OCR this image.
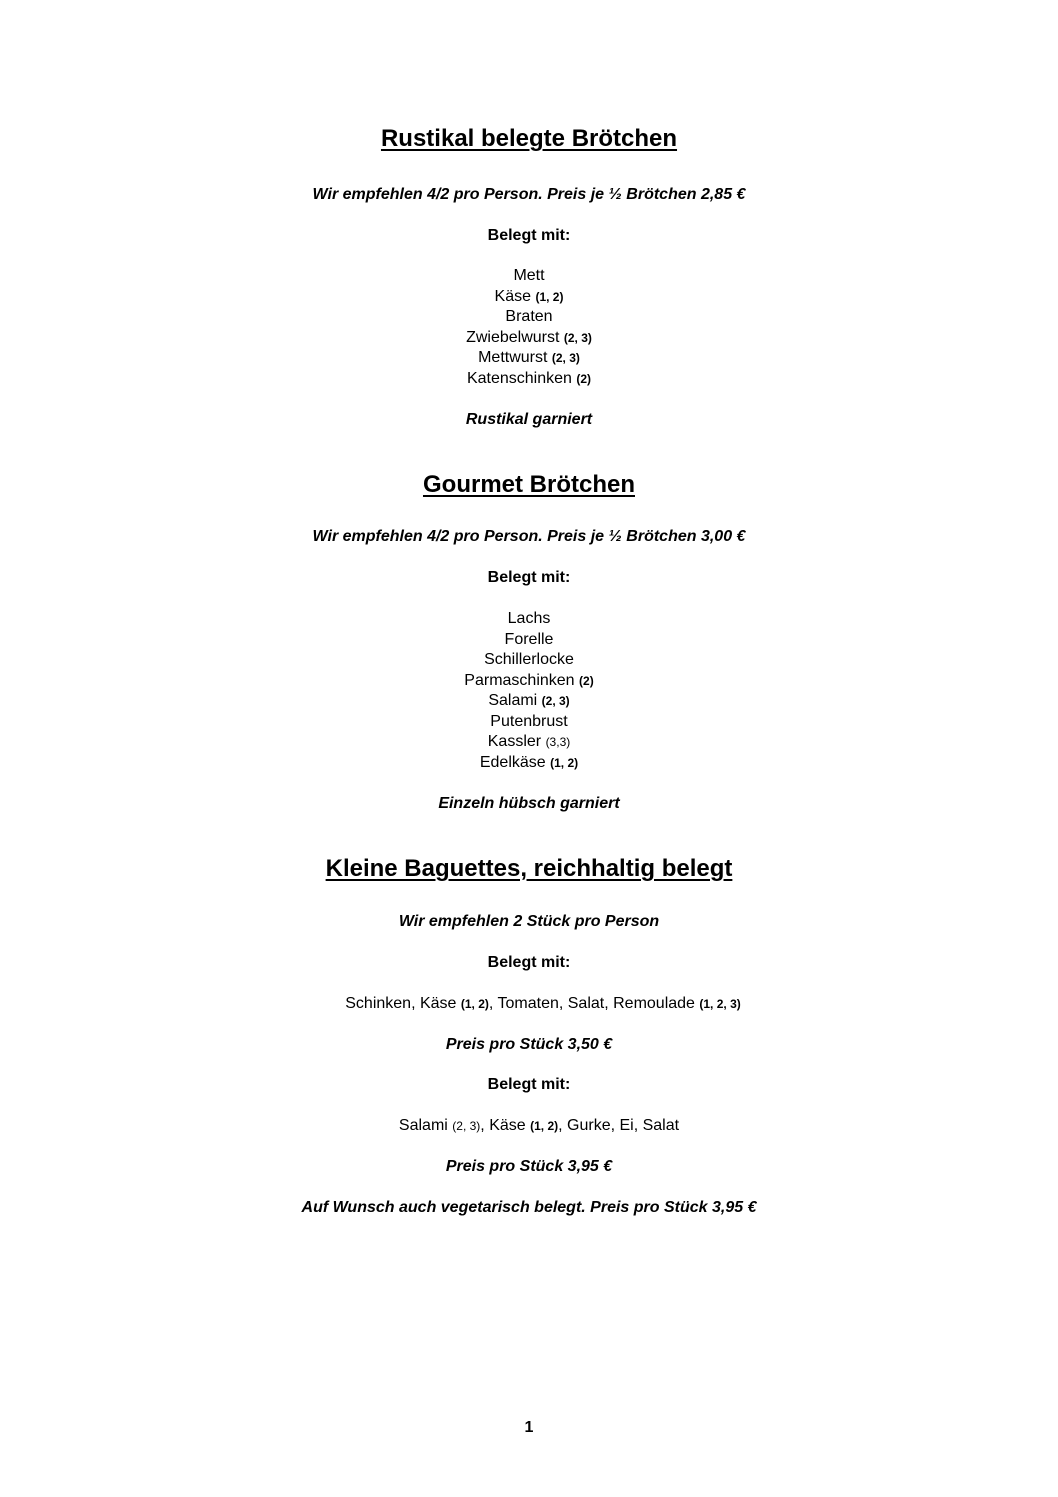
Rustikal belegte Brötchen
Wir empfehlen 4/2 pro Person. Preis je ½ Brötchen 2,85 €
Belegt mit:
Mett
Käse (1, 2)
Braten
Zwiebelwurst (2, 3)
Mettwurst (2, 3)
Katenschinken (2)
Rustikal garniert
Gourmet Brötchen
Wir empfehlen 4/2 pro Person. Preis je ½ Brötchen 3,00 €
Belegt mit:
Lachs
Forelle
Schillerlocke
Parmaschinken (2)
Salami (2, 3)
Putenbrust
Kassler (3,3)
Edelkäse (1, 2)
Einzeln hübsch garniert
Kleine Baguettes, reichhaltig belegt
Wir empfehlen 2 Stück pro Person
Belegt mit:
Schinken, Käse (1, 2), Tomaten, Salat, Remoulade (1, 2, 3)
Preis pro Stück 3,50 €
Belegt mit:
Salami (2, 3), Käse (1, 2), Gurke, Ei, Salat
Preis pro Stück 3,95 €
Auf Wunsch auch vegetarisch belegt. Preis pro Stück 3,95 €
1
